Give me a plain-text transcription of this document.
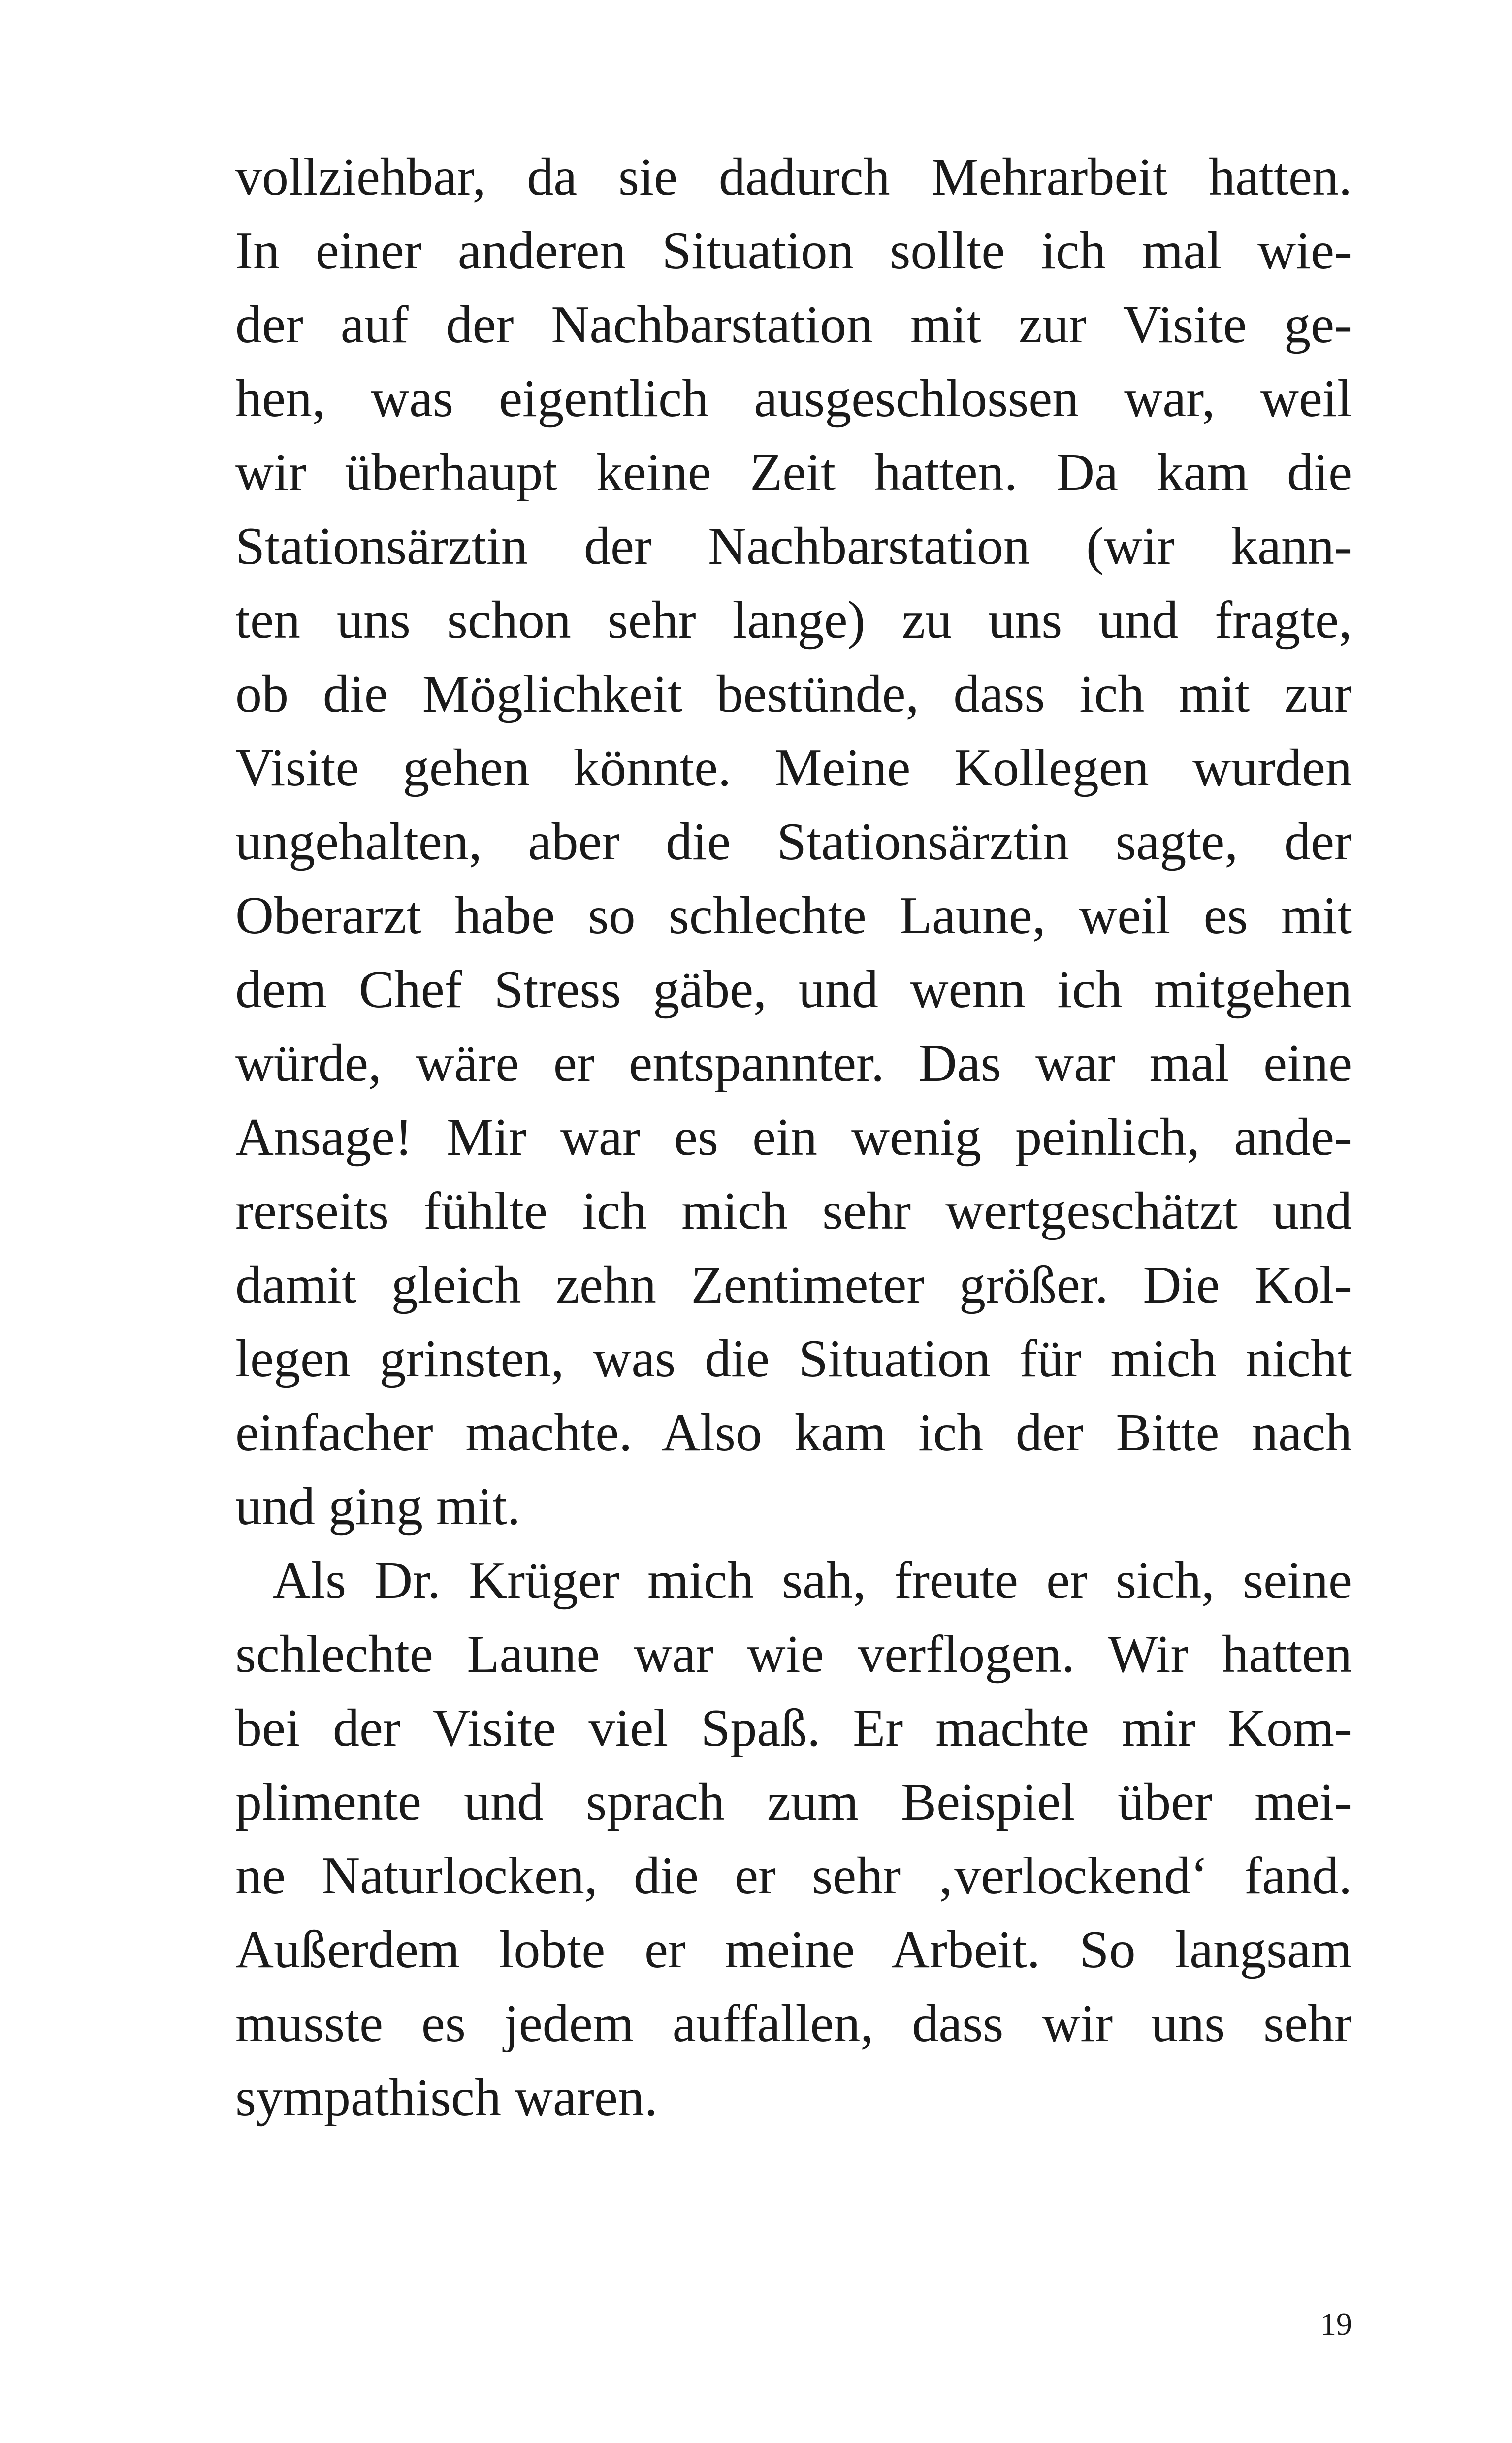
vollziehbar, da sie dadurch Mehrarbeit hatten.
In einer anderen Situation sollte ich mal wie-
der auf der Nachbarstation mit zur Visite ge-
hen, was eigentlich ausgeschlossen war, weil
wir überhaupt keine Zeit hatten. Da kam die
Stationsärztin der Nachbarstation (wir kann-
ten uns schon sehr lange) zu uns und fragte,
ob die Möglichkeit bestünde, dass ich mit zur
Visite gehen könnte. Meine Kollegen wurden
ungehalten, aber die Stationsärztin sagte, der
Oberarzt habe so schlechte Laune, weil es mit
dem Chef Stress gäbe, und wenn ich mitgehen
würde, wäre er entspannter. Das war mal eine
Ansage! Mir war es ein wenig peinlich, ande-
rerseits fühlte ich mich sehr wertgeschätzt und
damit gleich zehn Zentimeter größer. Die Kol-
legen grinsten, was die Situation für mich nicht
einfacher machte. Also kam ich der Bitte nach
und ging mit.
Als Dr. Krüger mich sah, freute er sich, seine
schlechte Laune war wie verflogen. Wir hatten
bei der Visite viel Spaß. Er machte mir Kom-
plimente und sprach zum Beispiel über mei-
ne Naturlocken, die er sehr ‚verlockend‘ fand.
Außerdem lobte er meine Arbeit. So langsam
musste es jedem auffallen, dass wir uns sehr
sympathisch waren.
19
